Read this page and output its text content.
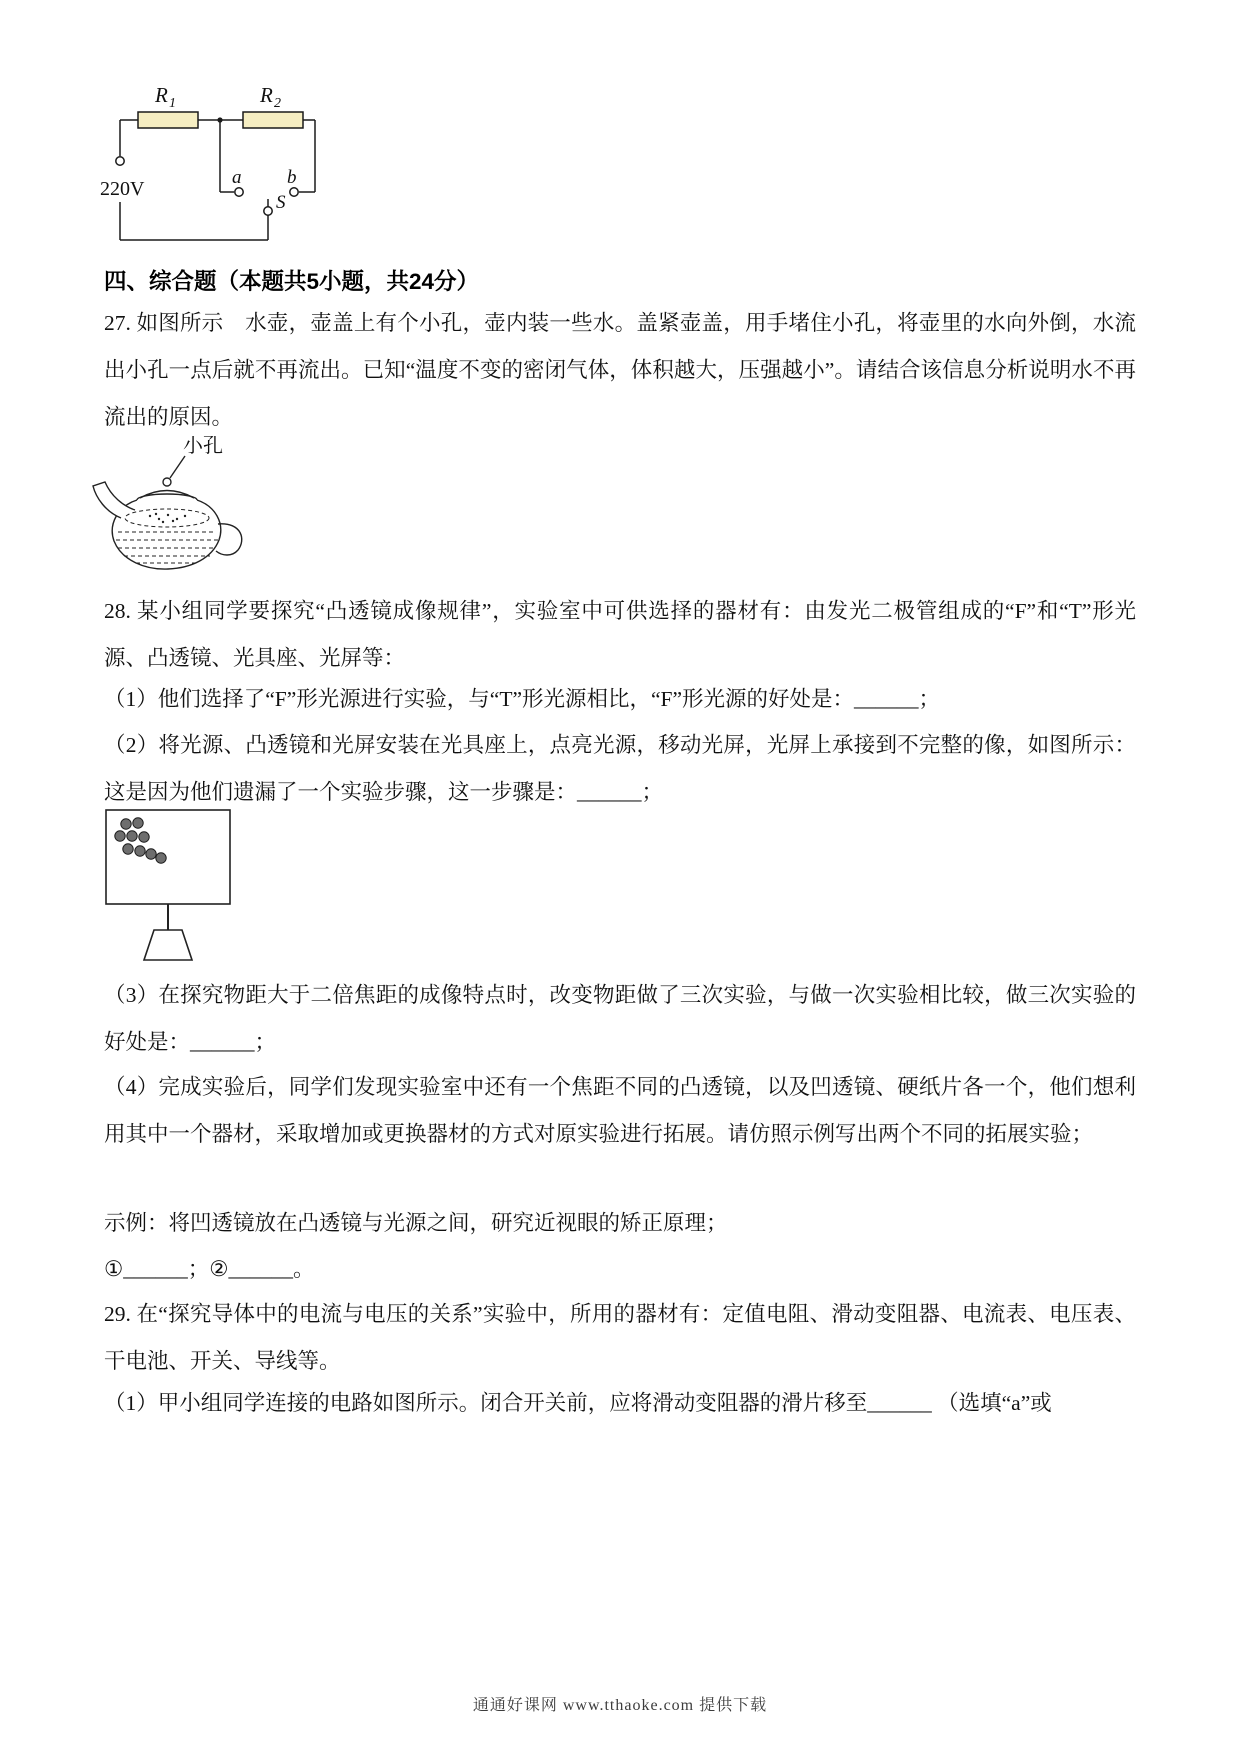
R 1	R 2
220V
a b
S
四、综合题（本题共5小题，共24分）

27. 如图所示　水壶，壶盖上有个小孔，壶内装一些水。盖紧壶盖，用手堵住小孔，将壶里的水向外倒，水流出小孔一点后就不再流出。已知“温度不变的密闭气体，体积越大，压强越小”。请结合该信息分析说明水不再流出的原因。

小孔

28. 某小组同学要探究“凸透镜成像规律”，实验室中可供选择的器材有：由发光二极管组成的“F”和“T”形光源、凸透镜、光具座、光屏等：

（1）他们选择了“F”形光源进行实验，与“T”形光源相比，“F”形光源的好处是：______；

（2）将光源、凸透镜和光屏安装在光具座上，点亮光源，移动光屏，光屏上承接到不完整的像，如图所示：这是因为他们遗漏了一个实验步骤，这一步骤是：______；

（3）在探究物距大于二倍焦距的成像特点时，改变物距做了三次实验，与做一次实验相比较，做三次实验的好处是：______；

（4）完成实验后，同学们发现实验室中还有一个焦距不同的凸透镜，以及凹透镜、硬纸片各一个，他们想利用其中一个器材，采取增加或更换器材的方式对原实验进行拓展。请仿照示例写出两个不同的拓展实验；

示例：将凹透镜放在凸透镜与光源之间，研究近视眼的矫正原理；

①______；②______。

29. 在“探究导体中的电流与电压的关系”实验中，所用的器材有：定值电阻、滑动变阻器、电流表、电压表、干电池、开关、导线等。

（1）甲小组同学连接的电路如图所示。闭合开关前，应将滑动变阻器的滑片移至______ （选填“a”或

通通好课网 www.tthaoke.com 提供下载
